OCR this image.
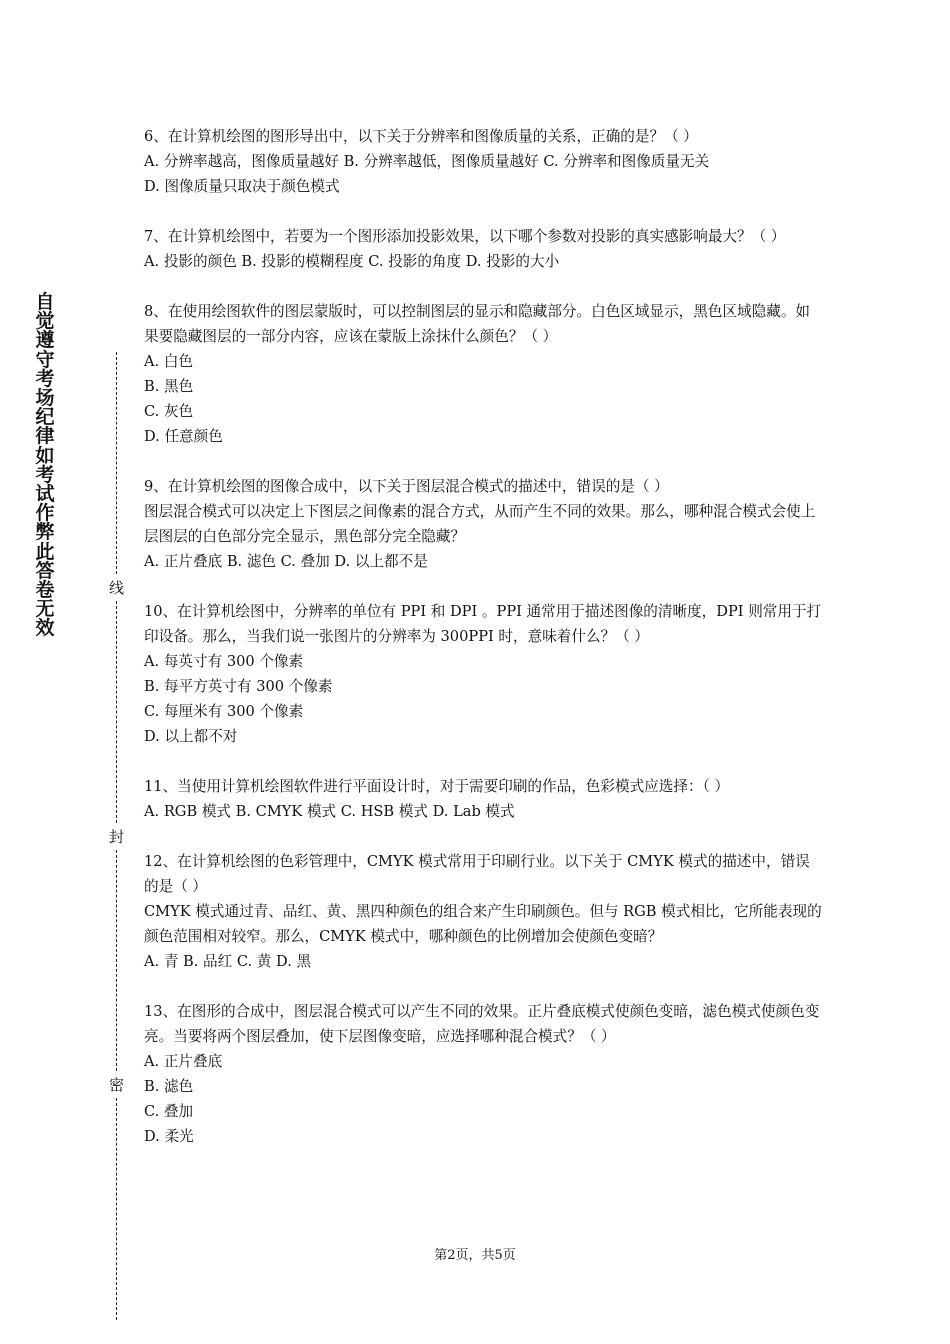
自觉遵守考场纪律如考试作弊此答卷无效
线
封
密

6、在计算机绘图的图形导出中，以下关于分辨率和图像质量的关系，正确的是？（ ）

A. 分辨率越高，图像质量越好 B. 分辨率越低，图像质量越好 C. 分辨率和图像质量无关

D. 图像质量只取决于颜色模式

7、在计算机绘图中，若要为一个图形添加投影效果，以下哪个参数对投影的真实感影响最大？（ ）

A. 投影的颜色 B. 投影的模糊程度 C. 投影的角度 D. 投影的大小

8、在使用绘图软件的图层蒙版时，可以控制图层的显示和隐藏部分。白色区域显示，黑色区域隐藏。如果要隐藏图层的一部分内容，应该在蒙版上涂抹什么颜色？（ ）

A. 白色

B. 黑色

C. 灰色

D. 任意颜色

9、在计算机绘图的图像合成中，以下关于图层混合模式的描述中，错误的是（ ）

图层混合模式可以决定上下图层之间像素的混合方式，从而产生不同的效果。那么，哪种混合模式会使上层图层的白色部分完全显示，黑色部分完全隐藏？

A. 正片叠底 B. 滤色 C. 叠加 D. 以上都不是

10、在计算机绘图中，分辨率的单位有 PPI 和 DPI 。PPI 通常用于描述图像的清晰度，DPI 则常用于打印设备。那么，当我们说一张图片的分辨率为 300PPI 时，意味着什么？（ ）

A. 每英寸有 300 个像素

B. 每平方英寸有 300 个像素

C. 每厘米有 300 个像素

D. 以上都不对

11、当使用计算机绘图软件进行平面设计时，对于需要印刷的作品，色彩模式应选择：（ ）

A. RGB 模式 B. CMYK 模式 C. HSB 模式 D. Lab 模式

12、在计算机绘图的色彩管理中，CMYK 模式常用于印刷行业。以下关于 CMYK 模式的描述中，错误的是（ ）

CMYK 模式通过青、品红、黄、黑四种颜色的组合来产生印刷颜色。但与 RGB 模式相比，它所能表现的颜色范围相对较窄。那么，CMYK 模式中，哪种颜色的比例增加会使颜色变暗？

A. 青 B. 品红 C. 黄 D. 黑

13、在图形的合成中，图层混合模式可以产生不同的效果。正片叠底模式使颜色变暗，滤色模式使颜色变亮。当要将两个图层叠加，使下层图像变暗，应选择哪种混合模式？（ ）

A. 正片叠底

B. 滤色

C. 叠加

D. 柔光

第2页，共5页
